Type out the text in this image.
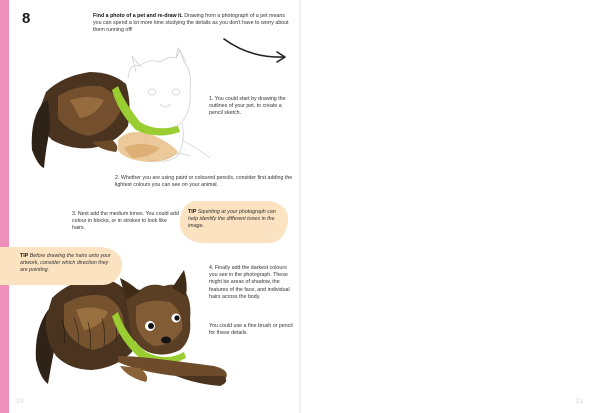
8	Find a photo of a pet and re-draw it. Drawing from a photograph of a pet means you can spend a lot more time studying the details as you don't have to worry about them running off!
1. You could start by drawing the outlines of your pet, to create a pencil sketch.
2. Whether you are using paint or coloured pencils, consider first adding the lightest colours you can see on your animal.
3. Next add the medium tones. You could add colour in blocks, or in strokes to look like hairs.
TIP Squinting at your photograph can help identify the different tones in the image.
TIP Before drawing the hairs onto your artwork, consider which direction they are pointing.	4. Finally add the darkest colours you see in the photograph. These might be areas of shadow, the features of the face, and individual hairs across the body.
You could use a fine brush or pencil for these details.
20	21
